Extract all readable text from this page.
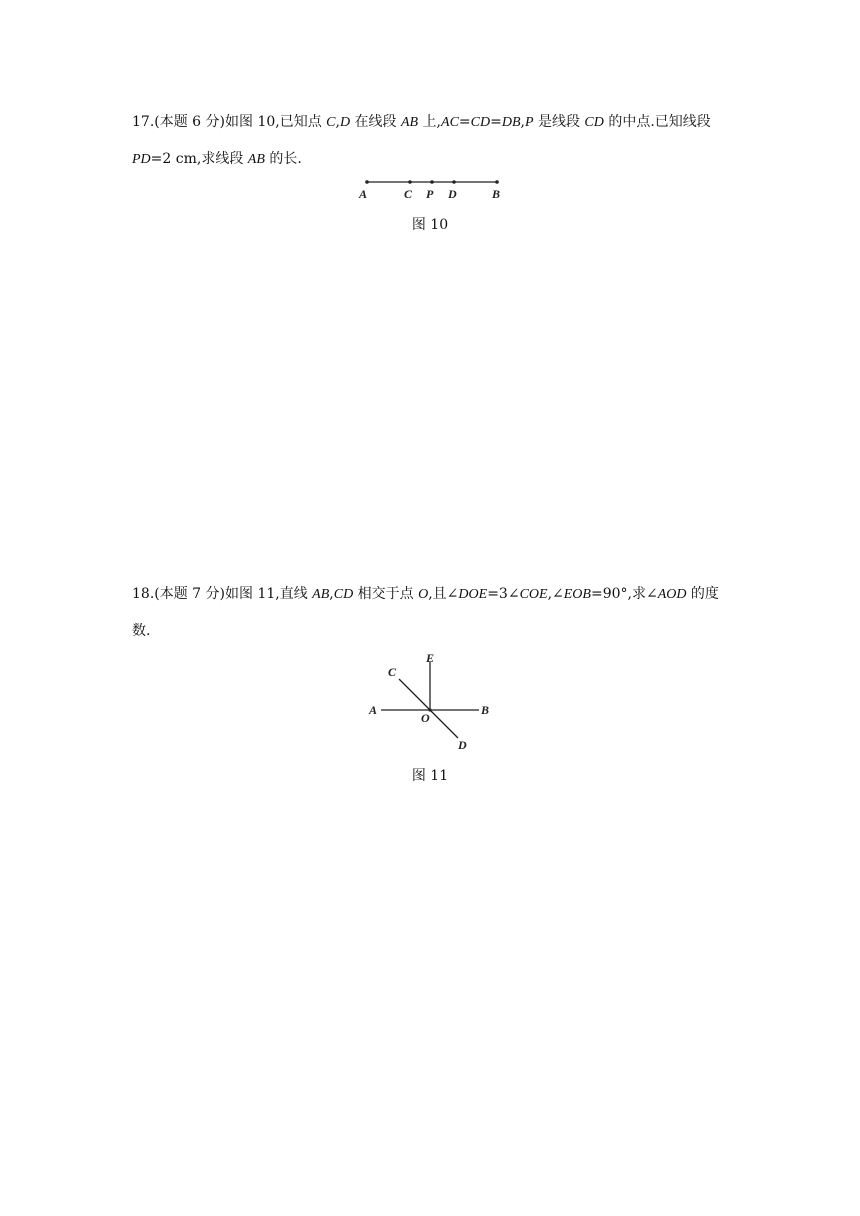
17.(本题 6 分)如图 10,已知点 C,D 在线段 AB 上,AC=CD=DB,P 是线段 CD 的中点.已知线段
PD=2 cm,求线段 AB 的长.
A	C P D	B
图 10
18.(本题 7 分)如图 11,直线 AB,CD 相交于点 O,且∠DOE=3∠COE,∠EOB=90°,求∠AOD 的度
数.
A	B
C
D
E
O
图 11
